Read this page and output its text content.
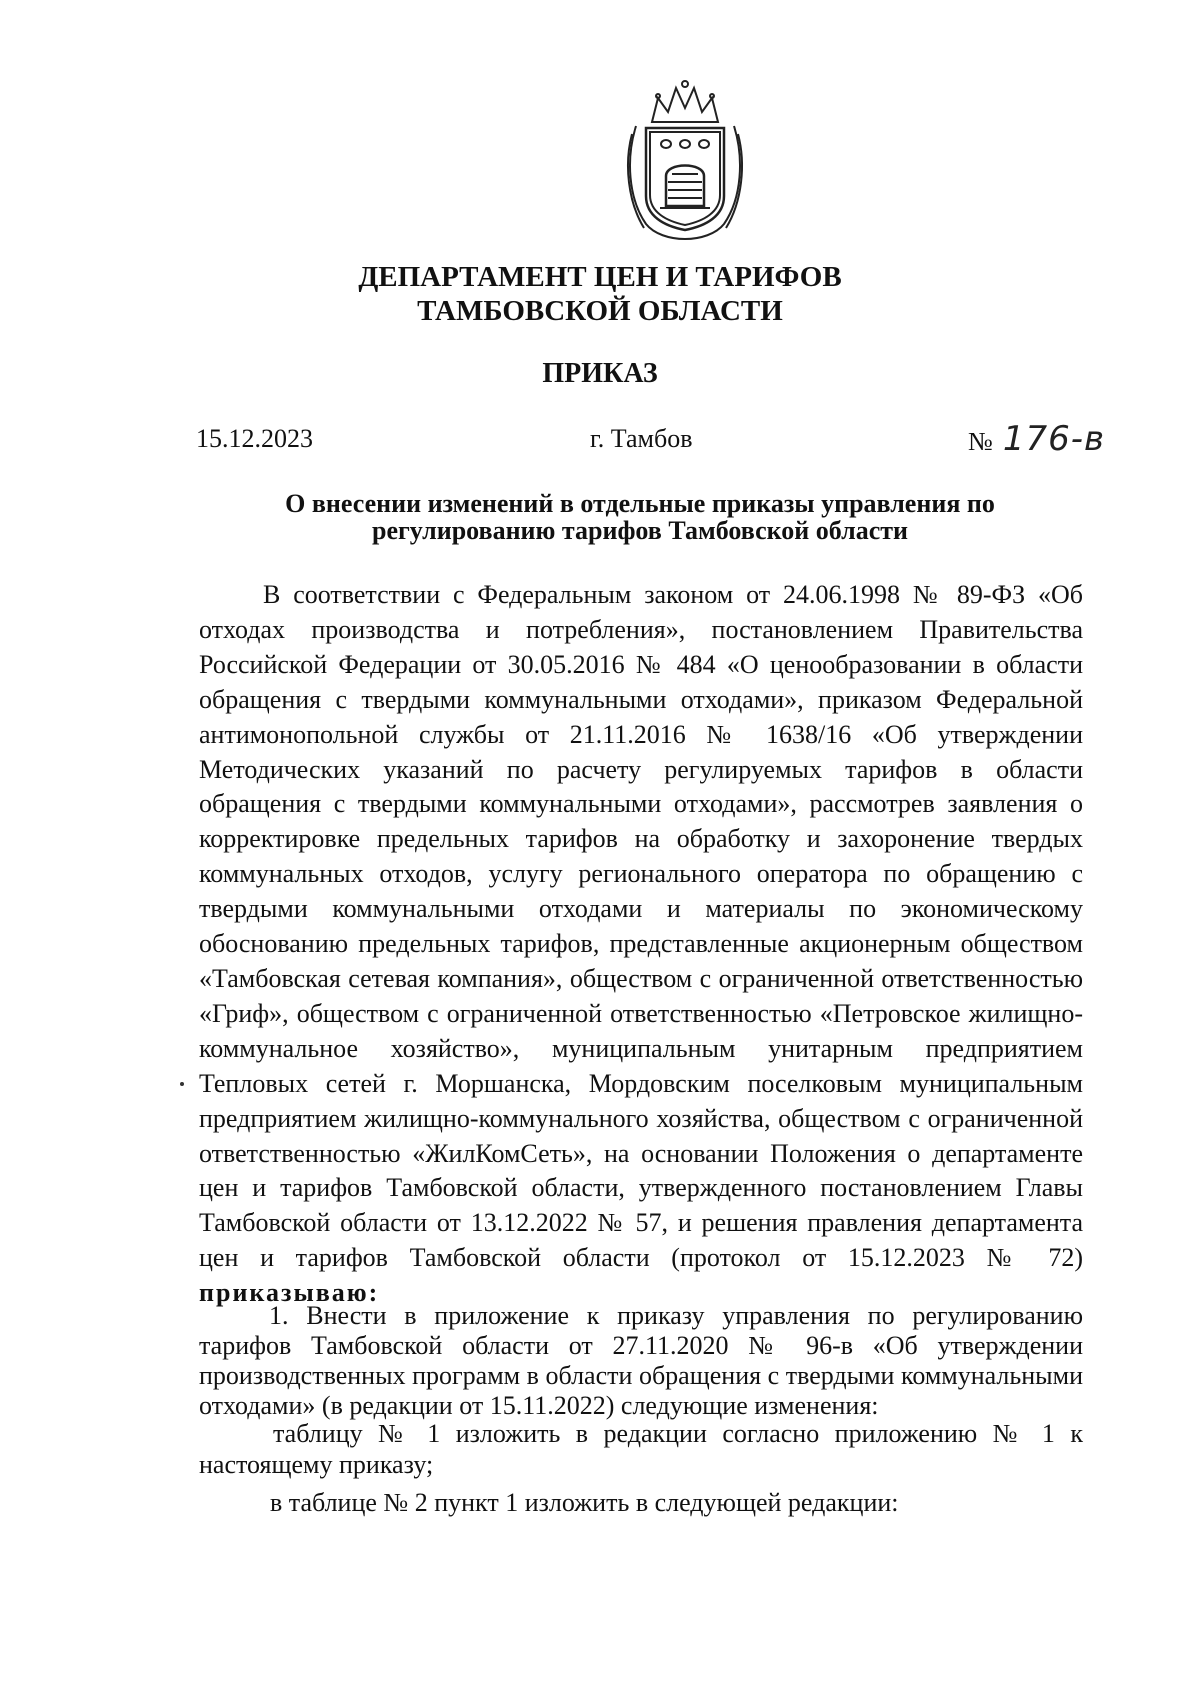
ДЕПАРТАМЕНТ ЦЕН И ТАРИФОВ
ТАМБОВСКОЙ ОБЛАСТИ
ПРИКАЗ
15.12.2023	г. Тамбов	№ 176-в
О внесении изменений в отдельные приказы управления по
регулированию тарифов Тамбовской области
В соответствии с Федеральным законом от 24.06.1998 № 89-ФЗ «Об отходах производства и потребления», постановлением Правительства Российской Федерации от 30.05.2016 № 484 «О ценообразовании в области обращения с твердыми коммунальными отходами», приказом Федеральной антимонопольной службы от 21.11.2016 № 1638/16 «Об утверждении Методических указаний по расчету регулируемых тарифов в области обращения с твердыми коммунальными отходами», рассмотрев заявления о корректировке предельных тарифов на обработку и захоронение твердых коммунальных отходов, услугу регионального оператора по обращению с твердыми коммунальными отходами и материалы по экономическому обоснованию предельных тарифов, представленные акционерным обществом «Тамбовская сетевая компания», обществом с ограниченной ответственностью «Гриф», обществом с ограниченной ответственностью «Петровское жилищно-коммунальное хозяйство», муниципальным унитарным предприятием Тепловых сетей г. Моршанска, Мордовским поселковым муниципальным предприятием жилищно-коммунального хозяйства, обществом с ограниченной ответственностью «ЖилКомСеть», на основании Положения о департаменте цен и тарифов Тамбовской области, утвержденного постановлением Главы Тамбовской области от 13.12.2022 № 57, и решения правления департамента цен и тарифов Тамбовской области (протокол от 15.12.2023 № 72) приказываю:
1. Внести в приложение к приказу управления по регулированию тарифов Тамбовской области от 27.11.2020 № 96-в «Об утверждении производственных программ в области обращения с твердыми коммунальными отходами» (в редакции от 15.11.2022) следующие изменения:
таблицу № 1 изложить в редакции согласно приложению № 1 к настоящему приказу;
в таблице № 2 пункт 1 изложить в следующей редакции:
